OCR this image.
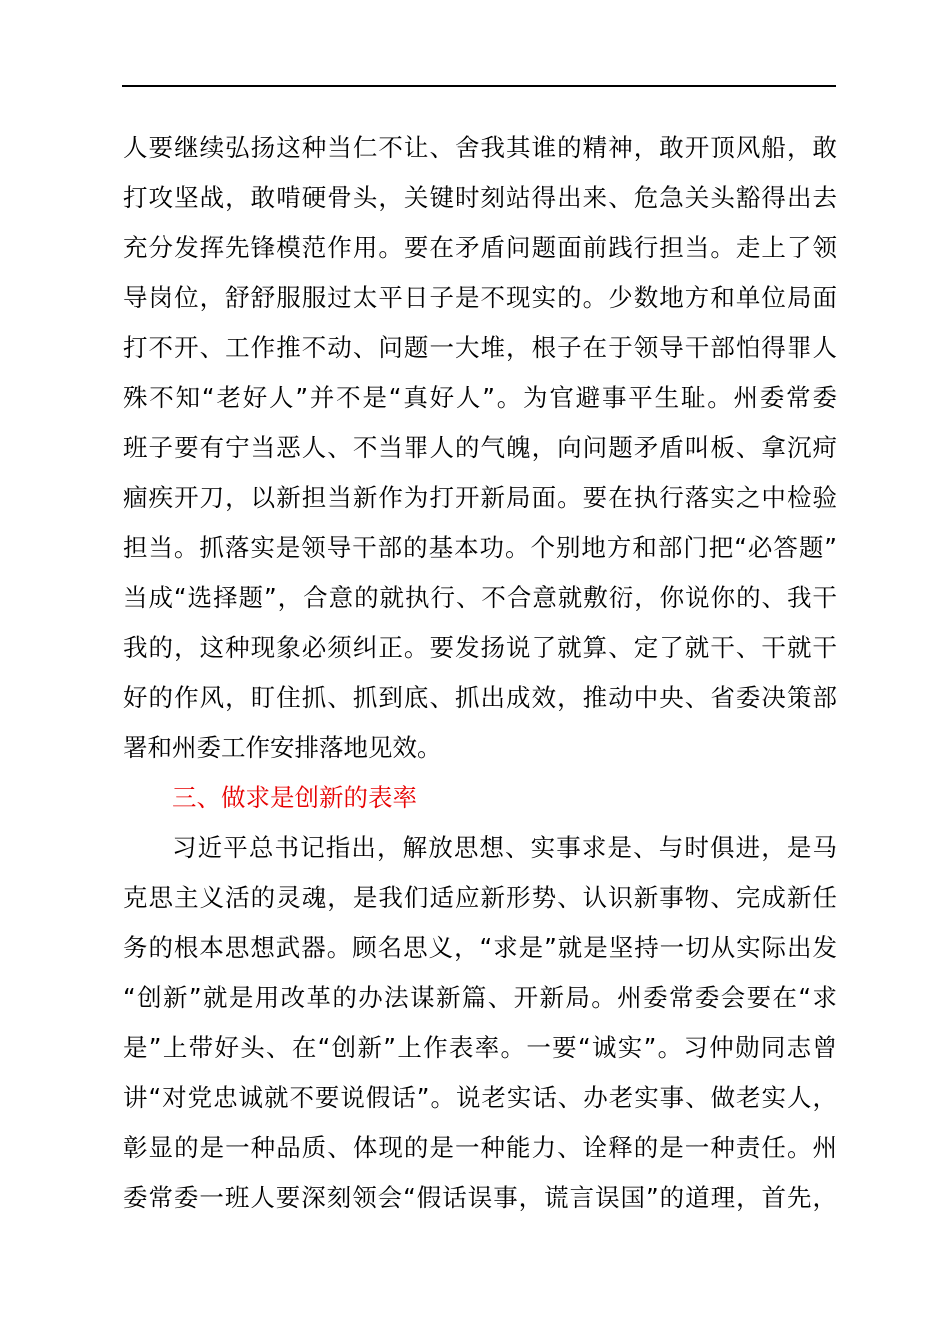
人要继续弘扬这种当仁不让、舍我其谁的精神，敢开顶风船，敢
打攻坚战，敢啃硬骨头，关键时刻站得出来、危急关头豁得出去
充分发挥先锋模范作用。要在矛盾问题面前践行担当。走上了领
导岗位，舒舒服服过太平日子是不现实的。少数地方和单位局面
打不开、工作推不动、问题一大堆，根子在于领导干部怕得罪人
殊不知“老好人”并不是“真好人”。为官避事平生耻。州委常委
班子要有宁当恶人、不当罪人的气魄，向问题矛盾叫板、拿沉疴
痼疾开刀，以新担当新作为打开新局面。要在执行落实之中检验
担当。抓落实是领导干部的基本功。个别地方和部门把“必答题”
当成“选择题”，合意的就执行、不合意就敷衍，你说你的、我干
我的，这种现象必须纠正。要发扬说了就算、定了就干、干就干
好的作风，盯住抓、抓到底、抓出成效，推动中央、省委决策部
署和州委工作安排落地见效。
三、做求是创新的表率
习近平总书记指出，解放思想、实事求是、与时俱进，是马
克思主义活的灵魂，是我们适应新形势、认识新事物、完成新任
务的根本思想武器。顾名思义，“求是”就是坚持一切从实际出发
“创新”就是用改革的办法谋新篇、开新局。州委常委会要在“求
是”上带好头、在“创新”上作表率。一要“诚实”。习仲勋同志曾
讲“对党忠诚就不要说假话”。说老实话、办老实事、做老实人，
彰显的是一种品质、体现的是一种能力、诠释的是一种责任。州
委常委一班人要深刻领会“假话误事，谎言误国”的道理，首先，
